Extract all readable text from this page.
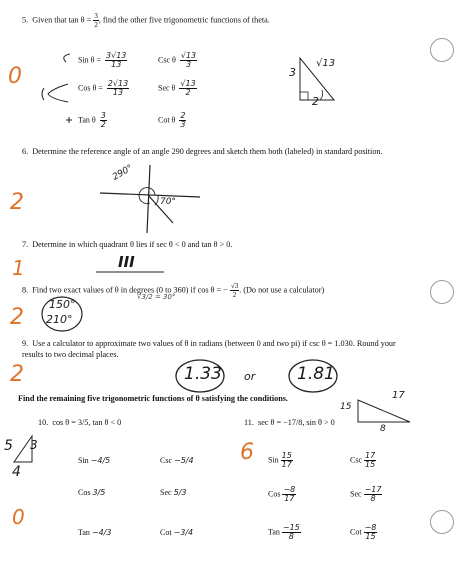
5. Given that $\tan \theta = \frac{3}{2}$ , find the other five trigonometric functions of theta.
0
Sin $\theta = \frac{3√13}{13}$	Csc θ $\frac{√13}{3}$
Cos $\theta = \frac{2√13}{13}$	Sec θ $\frac{√13}{2}$
Tan θ $\frac{3}{2}$	Cot θ $\frac{2}{3}$
3
√13
2
6. Determine the reference angle of an angle 290 degrees and sketch them both (labeled) in standard position.
2
290°
70°
7. Determine in which quadrant θ lies if sec θ < 0 and tan θ > 0.
1	III
8. Find two exact values of θ in degrees (0 to 360) if cos θ = − $\frac{√3}{2}$ . (Do not use a calculator)
2
√3/2 = 30°
150°
210°
9. Use a calculator to approximate two values of θ in radians (between 0 and two pi) if csc θ = 1.030. Round your results to two decimal places.
2	1.33 or 1.81
Find the remaining five trigonometric functions of θ satisfying the conditions.
10. cos θ = 3/5, tan θ < 0
5 3
4
0
Sin −4/5	Csc −5/4
Cos 3/5	Sec 5/3
Tan −4/3	Cot −3/4
11. sec θ = −17/8, sin θ > 0
6
17
15
8
Sin $\frac{15}{17}$	Csc $\frac{17}{15}$
Cos $\frac{-8}{17}$	Sec $\frac{-17}{8}$
Tan $\frac{-15}{8}$	Cot $\frac{-8}{15}$
